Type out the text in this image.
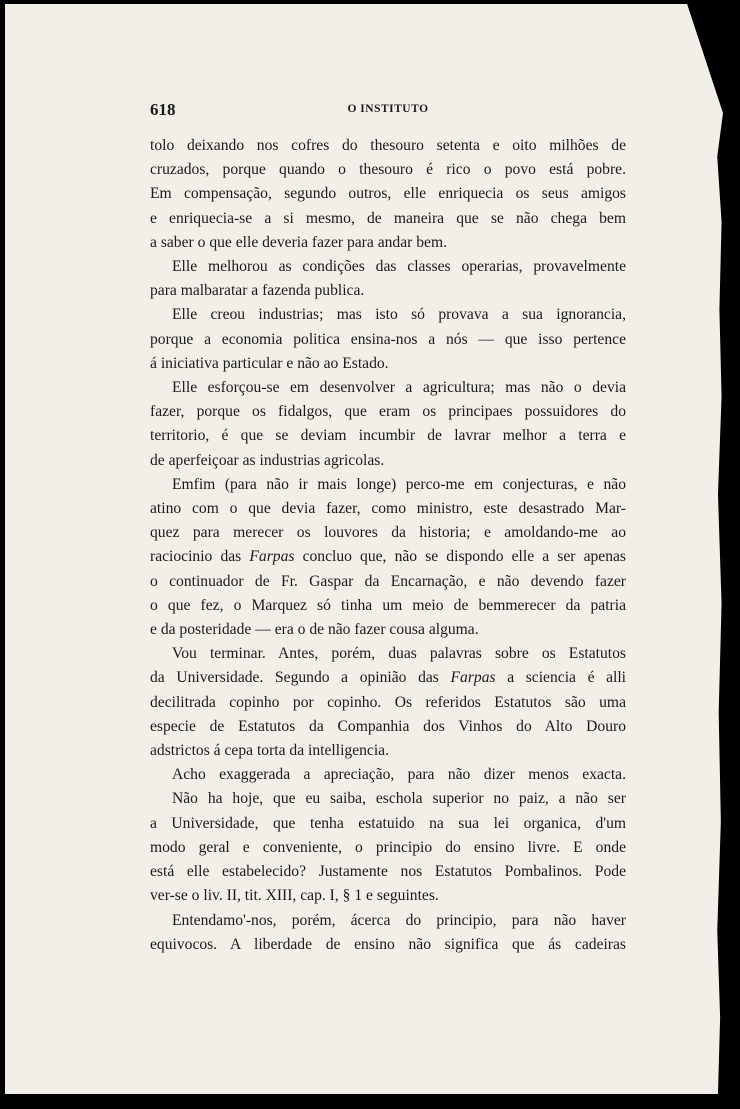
618	O INSTITUTO

tolo deixando nos cofres do thesouro setenta e oito milhões de

cruzados, porque quando o thesouro é rico o povo está pobre.

Em compensação, segundo outros, elle enriquecia os seus amigos

e enriquecia-se a si mesmo, de maneira que se não chega bem

a saber o que elle deveria fazer para andar bem.

Elle melhorou as condições das classes operarias, provavelmente

para malbaratar a fazenda publica.

Elle creou industrias; mas isto só provava a sua ignorancia,

porque a economia politica ensina-nos a nós — que isso pertence

á iniciativa particular e não ao Estado.

Elle esforçou-se em desenvolver a agricultura; mas não o devia

fazer, porque os fidalgos, que eram os principaes possuidores do

territorio, é que se deviam incumbir de lavrar melhor a terra e

de aperfeiçoar as industrias agricolas.

Emfim (para não ir mais longe) perco-me em conjecturas, e não

atino com o que devia fazer, como ministro, este desastrado Mar-

quez para merecer os louvores da historia; e amoldando-me ao

raciocinio das Farpas concluo que, não se dispondo elle a ser apenas

o continuador de Fr. Gaspar da Encarnação, e não devendo fazer

o que fez, o Marquez só tinha um meio de bemmerecer da patria

e da posteridade — era o de não fazer cousa alguma.

Vou terminar. Antes, porém, duas palavras sobre os Estatutos

da Universidade. Segundo a opinião das Farpas a sciencia é alli

decilitrada copinho por copinho. Os referidos Estatutos são uma

especie de Estatutos da Companhia dos Vinhos do Alto Douro

adstrictos á cepa torta da intelligencia.

Acho exaggerada a apreciação, para não dizer menos exacta.

Não ha hoje, que eu saiba, eschola superior no paiz, a não ser

a Universidade, que tenha estatuido na sua lei organica, d'um

modo geral e conveniente, o principio do ensino livre. E onde

está elle estabelecido? Justamente nos Estatutos Pombalinos. Pode

ver-se o liv. II, tit. XIII, cap. I, § 1 e seguintes.

Entendamo'-nos, porém, ácerca do principio, para não haver

equivocos. A liberdade de ensino não significa que ás cadeiras
